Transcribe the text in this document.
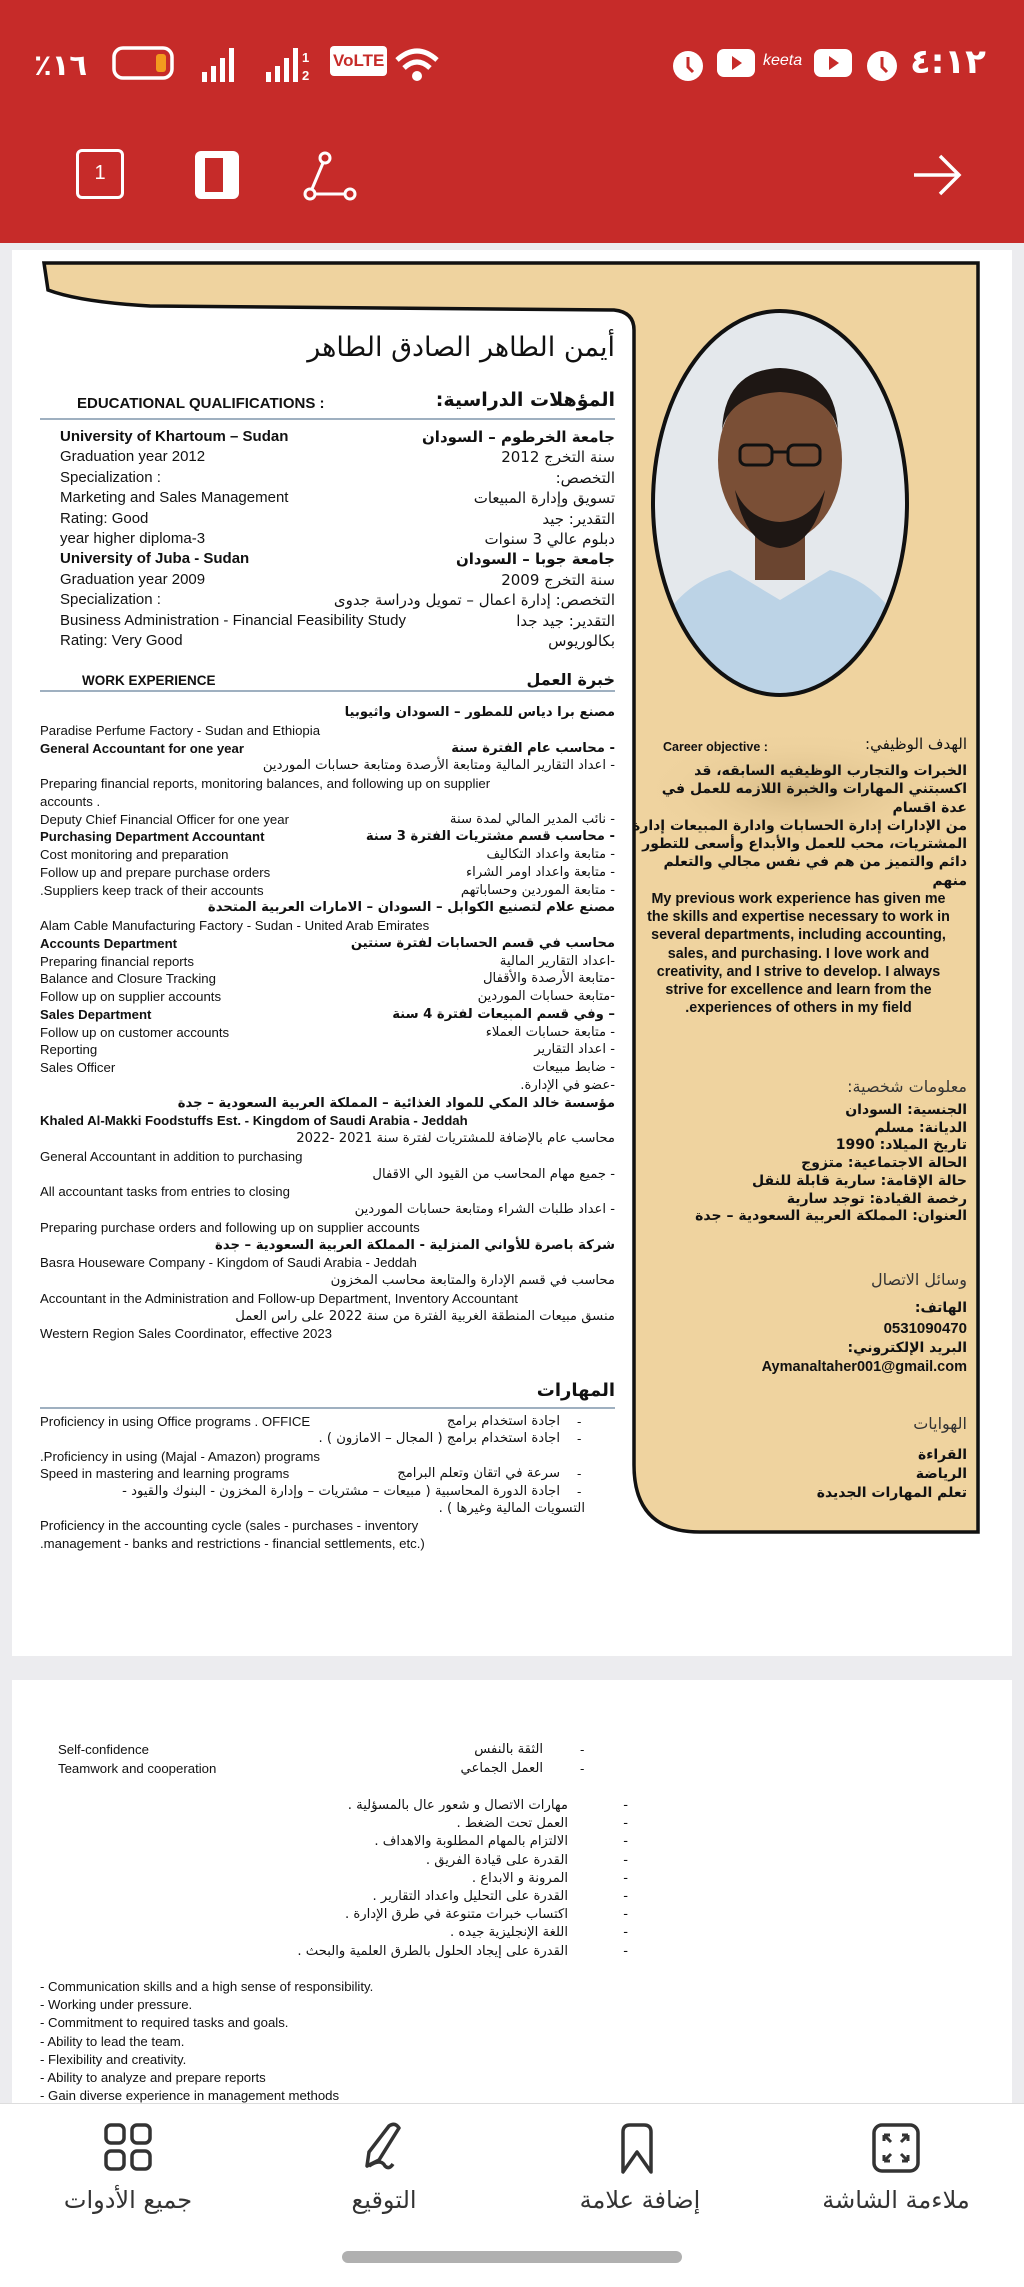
٪١٦	1
2
VoLTE	keeta	٤:١٢
1
أيمن الطاهر الصادق الطاهر
EDUCATIONAL QUALIFICATIONS :	المؤهلات الدراسية:
University of Khartoum – Sudan	جامعة الخرطوم – السودان
Graduation year 2012	سنة التخرج 2012
Specialization :	التخصص:
Marketing and Sales Management	تسويق وإدارة المبيعات
Rating: Good	التقدير: جيد
year higher diploma-3	دبلوم عالي 3 سنوات
University of Juba - Sudan	جامعة جوبا – السودان
Graduation year 2009	سنة التخرج 2009
Specialization :	التخصص: إدارة اعمال – تمويل ودراسة جدوى
Business Administration - Financial Feasibility Study	التقدير: جيد جدا
Rating: Very Good	بكالوريوس
WORK EXPERIENCE	خبرة العمل
مصنع برا دياس للمطور – السودان واثيوبيا
Paradise Perfume Factory - Sudan and Ethiopia
General Accountant for one year	- محاسب عام الفترة سنة
- اعداد التقارير المالية ومتابعة الأرصدة ومتابعة حسابات الموردين
Preparing financial reports, monitoring balances, and following up on supplier
accounts .
Deputy Chief Financial Officer for one year	- نائب المدير المالي لمدة سنة
Purchasing Department Accountant	- محاسب قسم مشتريات الفترة 3 سنة
Cost monitoring and preparation	- متابعة واعداد التكاليف
Follow up and prepare purchase orders	- متابعة واعداد اومر الشراء
.Suppliers keep track of their accounts	- متابعة الموردين وحساباتهم
مصنع علام لتصنيع الكوابل – السودان – الامارات العربية المتحدة
Alam Cable Manufacturing Factory - Sudan - United Arab Emirates
Accounts Department	محاسب في قسم الحسابات لفترة سنتين
Preparing financial reports	-اعداد التقارير المالية
Balance and Closure Tracking	-متابعة الأرصدة والأقفال
Follow up on supplier accounts	-متابعة حسابات الموردين
Sales Department	– وفي قسم المبيعات لفترة 4 سنة
Follow up on customer accounts	- متابعة حسابات العملاء
Reporting	- اعداد التقارير
Sales Officer	- ضابط مبيعات
-عضو في الإدارة.
مؤسسة خالد المكي للمواد الغذائية – المملكة العربية السعودية – جدة
Khaled Al-Makki Foodstuffs Est. - Kingdom of Saudi Arabia - Jeddah
محاسب عام بالإضافة للمشتريات لفترة سنة 2021 -2022
General Accountant in addition to purchasing
- جميع مهام المحاسب من القيود الي الاقفال
All accountant tasks from entries to closing
- اعداد طلبات الشراء ومتابعة حسابات الموردين
Preparing purchase orders and following up on supplier accounts
شركة باصرة للأواني المنزلية - المملكة العربية السعودية – جدة
Basra Houseware Company - Kingdom of Saudi Arabia - Jeddah
محاسب في قسم الإدارة والمتابعة محاسب المخزون
Accountant in the Administration and Follow-up Department, Inventory Accountant
منسق مبيعات المنطقة الغربية الفترة من سنة 2022 على راس العمل
Western Region Sales Coordinator, effective 2023
المهارات
Proficiency in using Office programs . OFFICE	اجادة استخدام برامج -
اجادة استخدام برامج ( المجال – الامازون ) . -
.Proficiency in using (Majal - Amazon) programs
Speed in mastering and learning programs	سرعة في اتقان وتعلم البرامج -
اجادة الدورة المحاسبية ( مبيعات – مشتريات – وإدارة المخزون - البنوك والقيود - -
التسويات المالية وغيرها ) .
Proficiency in the accounting cycle (sales - purchases - inventory
.management - banks and restrictions - financial settlements, etc.)
Career objective :	الهدف الوظيفي:
الخبرات والتجارب الوظيفيه السابقه، قد
اكسبتني المهارات والخبرة اللازمه للعمل في
عدة اقسام
من الإدارات إدارة الحسابات وادارة المبيعات إدارة
المشتريات، محب للعمل والأبداع وأسعى للتطور
دائم والتميز من هم في نفس مجالي والتعلم
منهم
My previous work experience has given me
the skills and expertise necessary to work in
several departments, including accounting,
sales, and purchasing. I love work and
creativity, and I strive to develop. I always
strive for excellence and learn from the
.experiences of others in my field
معلومات شخصية:
الجنسية: السودان
الديانة: مسلم
تاريخ الميلاد: 1990
الحالة الاجتماعية: متزوج
حالة الإقامة: سارية قابلة للنقل
رخصة القيادة: توجد سارية
العنوان: المملكة العربية السعودية – جدة
وسائل الاتصال
الهاتف:
0531090470
البريد الإلكتروني:
Aymanaltaher001@gmail.com
الهوايات
القراءة
الرياضة
تعلم المهارات الجديدة
Self-confidence	الثقة بالنفس	-
Teamwork and cooperation	العمل الجماعي	-
مهارات الاتصال و شعور عال بالمسؤلية .	-
العمل تحت الضغط .	-
الالتزام بالمهام المطلوبة والاهداف .	-
القدرة على قيادة الفريق .	-
المرونة و الابداع .	-
القدرة على التحليل واعداد التقارير .	-
اكتساب خبرات متنوعة في طرق الإدارة .	-
اللغة الإنجليزية جيده .	-
القدرة على إيجاد الحلول بالطرق العلمية والبحث .	-
- Communication skills and a high sense of responsibility.
- Working under pressure.
- Commitment to required tasks and goals.
- Ability to lead the team.
- Flexibility and creativity.
- Ability to analyze and prepare reports
- Gain diverse experience in management methods
جميع الأدوات	التوقيع	إضافة علامة	ملاءمة الشاشة
